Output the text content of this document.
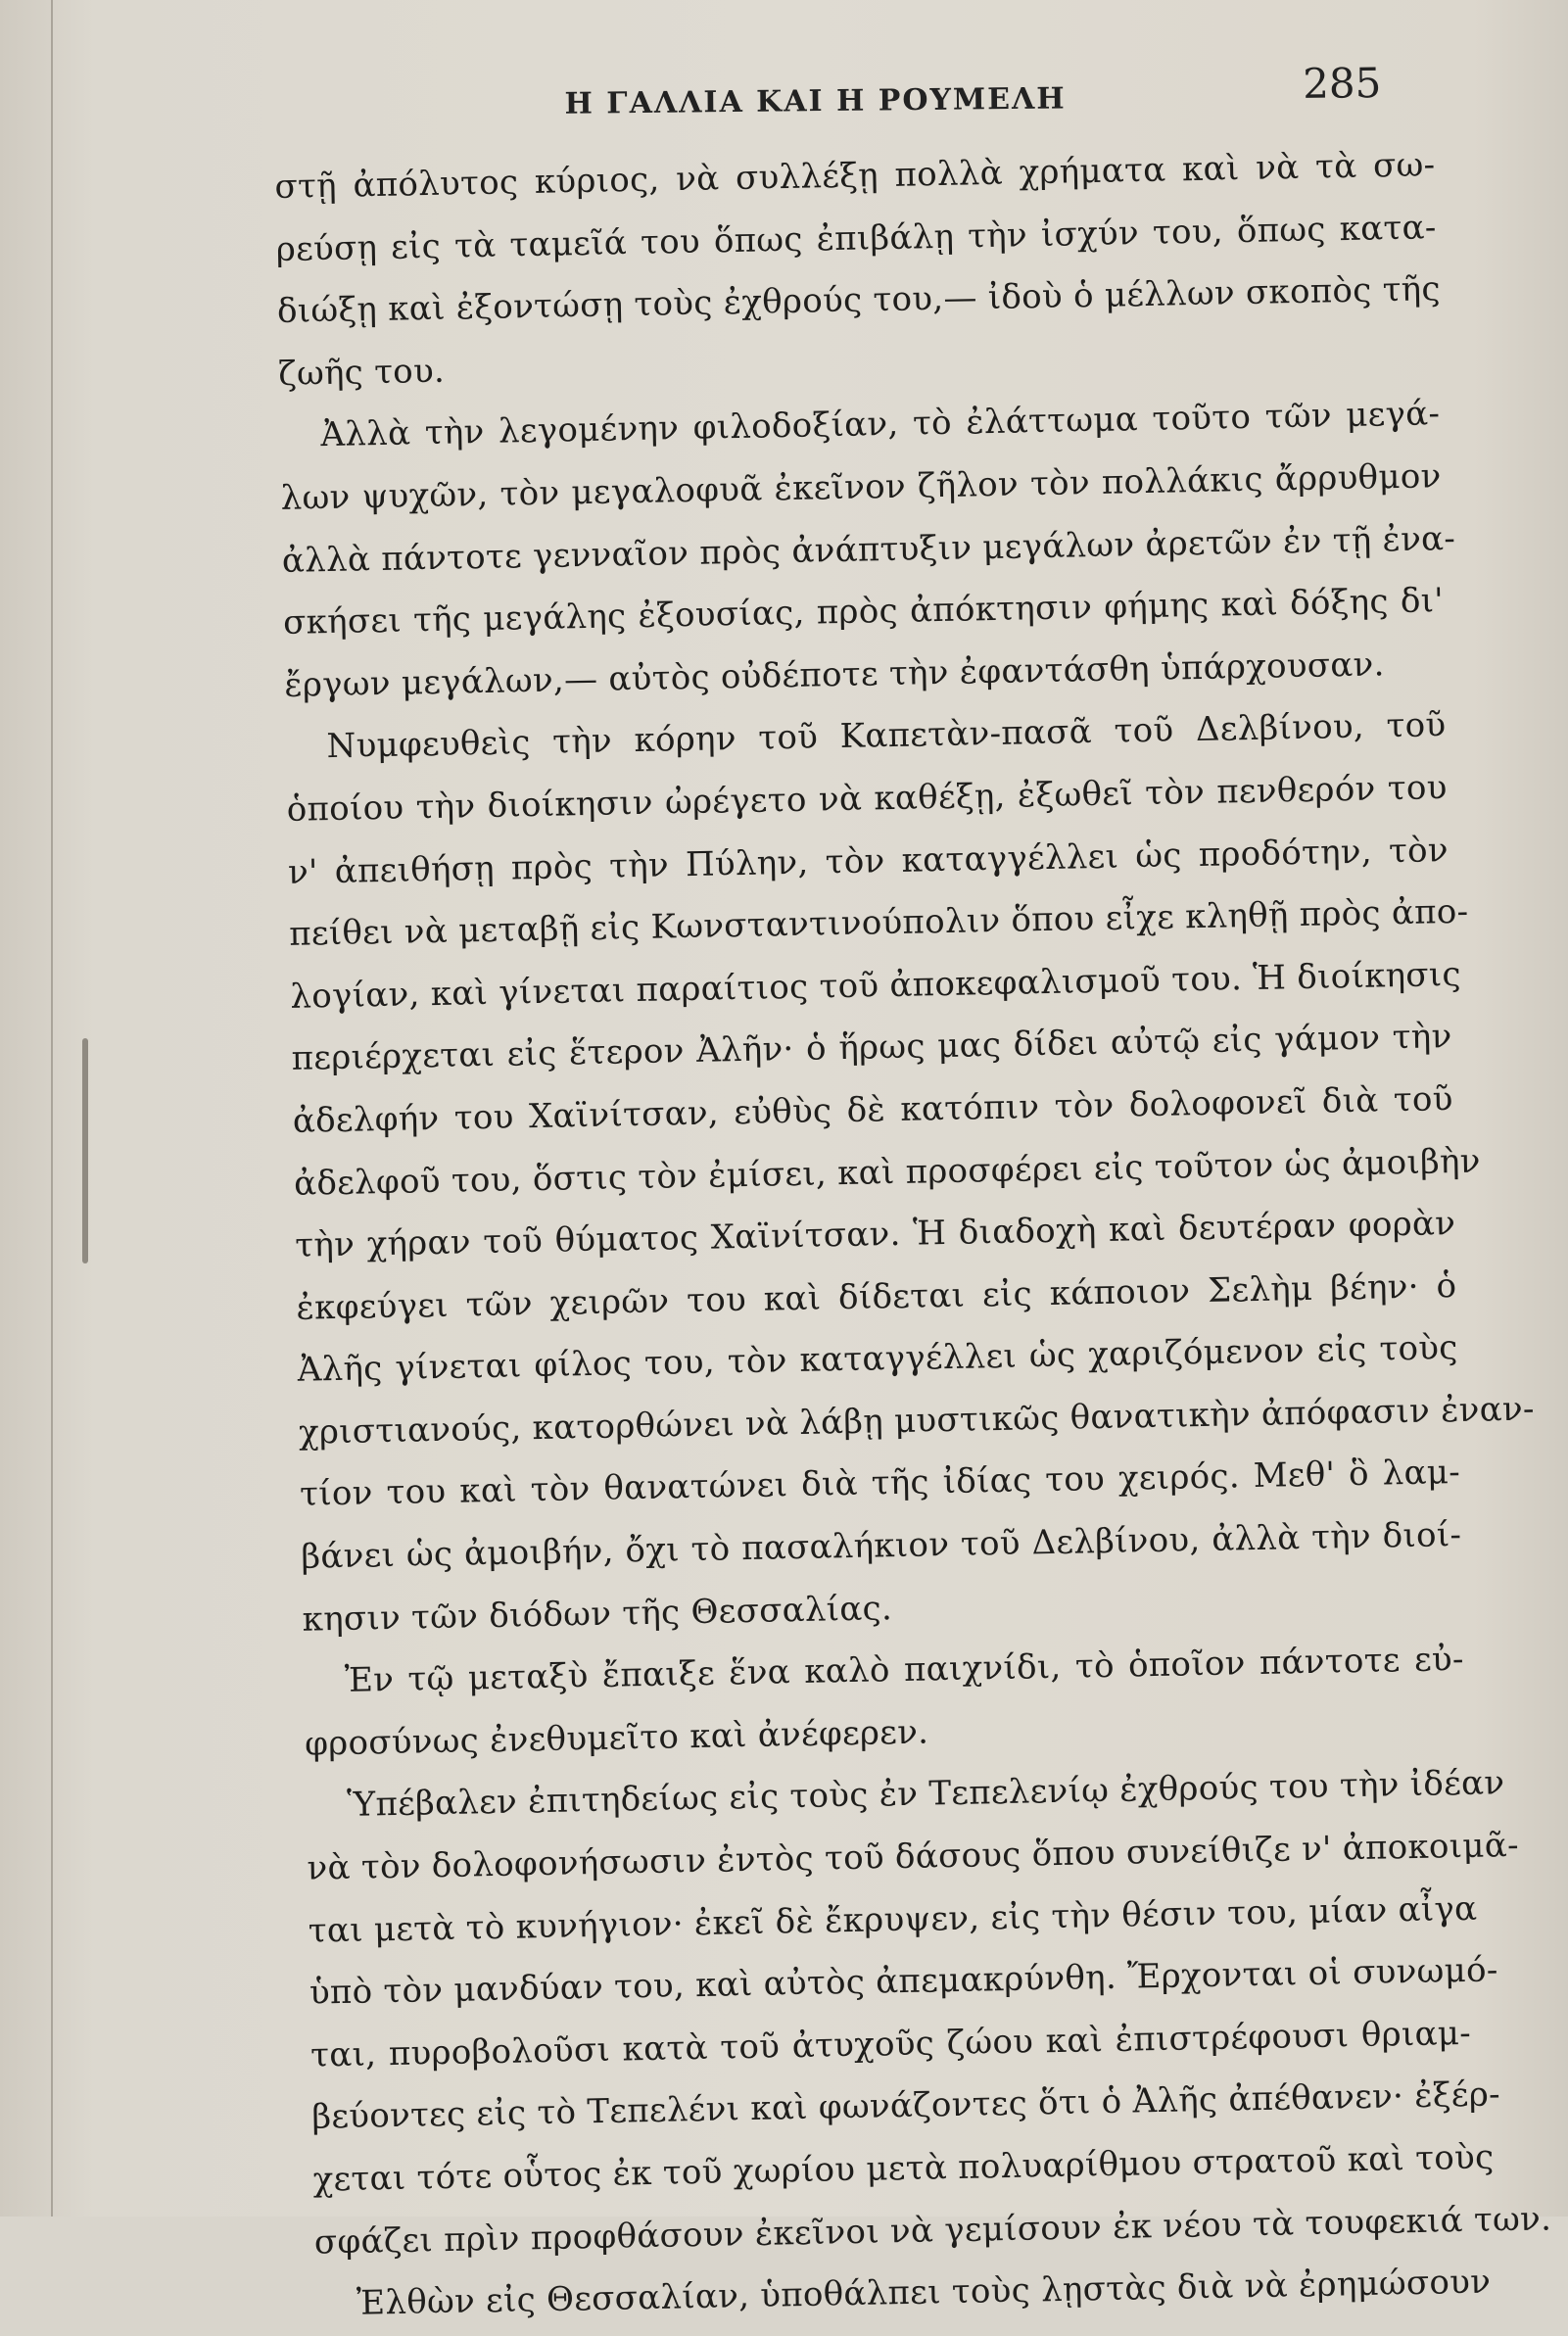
Η ΓΑΛΛΙΑ ΚΑΙ Η ΡΟΥΜΕΛΗ	285
στῇ ἀπόλυτος κύριος, νὰ συλλέξῃ πολλὰ χρήματα καὶ νὰ τὰ σω-
ρεύσῃ εἰς τὰ ταμεῖά του ὅπως ἐπιβάλῃ τὴν ἰσχύν του, ὅπως κατα-
διώξῃ καὶ ἐξοντώσῃ τοὺς ἐχθρούς του,— ἰδοὺ ὁ μέλλων σκοπὸς τῆς
ζωῆς του.
Ἀλλὰ τὴν λεγομένην φιλοδοξίαν, τὸ ἐλάττωμα τοῦτο τῶν μεγά-
λων ψυχῶν, τὸν μεγαλοφυᾶ ἐκεῖνον ζῆλον τὸν πολλάκις ἄρρυθμον
ἀλλὰ πάντοτε γενναῖον πρὸς ἀνάπτυξιν μεγάλων ἀρετῶν ἐν τῇ ἐνα-
σκήσει τῆς μεγάλης ἐξουσίας, πρὸς ἀπόκτησιν φήμης καὶ δόξης δι'
ἔργων μεγάλων,— αὐτὸς οὐδέποτε τὴν ἐφαντάσθη ὑπάρχουσαν.
Νυμφευθεὶς τὴν κόρην τοῦ Καπετὰν-πασᾶ τοῦ Δελβίνου, τοῦ
ὁποίου τὴν διοίκησιν ὠρέγετο νὰ καθέξῃ, ἐξωθεῖ τὸν πενθερόν του
ν' ἀπειθήσῃ πρὸς τὴν Πύλην, τὸν καταγγέλλει ὡς προδότην, τὸν
πείθει νὰ μεταβῇ εἰς Κωνσταντινούπολιν ὅπου εἶχε κληθῇ πρὸς ἀπο-
λογίαν, καὶ γίνεται παραίτιος τοῦ ἀποκεφαλισμοῦ του. Ἡ διοίκησις
περιέρχεται εἰς ἕτερον Ἀλῆν· ὁ ἥρως μας δίδει αὐτῷ εἰς γάμον τὴν
ἀδελφήν του Χαϊνίτσαν, εὐθὺς δὲ κατόπιν τὸν δολοφονεῖ διὰ τοῦ
ἀδελφοῦ του, ὅστις τὸν ἐμίσει, καὶ προσφέρει εἰς τοῦτον ὡς ἀμοιβὴν
τὴν χήραν τοῦ θύματος Χαϊνίτσαν. Ἡ διαδοχὴ καὶ δευτέραν φορὰν
ἐκφεύγει τῶν χειρῶν του καὶ δίδεται εἰς κάποιον Σελὴμ βέην· ὁ
Ἀλῆς γίνεται φίλος του, τὸν καταγγέλλει ὡς χαριζόμενον εἰς τοὺς
χριστιανούς, κατορθώνει νὰ λάβῃ μυστικῶς θανατικὴν ἀπόφασιν ἐναν-
τίον του καὶ τὸν θανατώνει διὰ τῆς ἰδίας του χειρός. Μεθ' ὃ λαμ-
βάνει ὡς ἀμοιβήν, ὄχι τὸ πασαλήκιον τοῦ Δελβίνου, ἀλλὰ τὴν διοί-
κησιν τῶν διόδων τῆς Θεσσαλίας.
Ἐν τῷ μεταξὺ ἔπαιξε ἕνα καλὸ παιχνίδι, τὸ ὁποῖον πάντοτε εὐ-
φροσύνως ἐνεθυμεῖτο καὶ ἀνέφερεν.
Ὑπέβαλεν ἐπιτηδείως εἰς τοὺς ἐν Τεπελενίῳ ἐχθρούς του τὴν ἰδέαν
νὰ τὸν δολοφονήσωσιν ἐντὸς τοῦ δάσους ὅπου συνείθιζε ν' ἀποκοιμᾶ-
ται μετὰ τὸ κυνήγιον· ἐκεῖ δὲ ἔκρυψεν, εἰς τὴν θέσιν του, μίαν αἶγα
ὑπὸ τὸν μανδύαν του, καὶ αὐτὸς ἀπεμακρύνθη. Ἔρχονται οἱ συνωμό-
ται, πυροβολοῦσι κατὰ τοῦ ἀτυχοῦς ζώου καὶ ἐπιστρέφουσι θριαμ-
βεύοντες εἰς τὸ Τεπελένι καὶ φωνάζοντες ὅτι ὁ Ἀλῆς ἀπέθανεν· ἐξέρ-
χεται τότε οὗτος ἐκ τοῦ χωρίου μετὰ πολυαρίθμου στρατοῦ καὶ τοὺς
σφάζει πρὶν προφθάσουν ἐκεῖνοι νὰ γεμίσουν ἐκ νέου τὰ τουφεκιά των.
Ἐλθὼν εἰς Θεσσαλίαν, ὑποθάλπει τοὺς λῃστὰς διὰ νὰ ἐρημώσουν
